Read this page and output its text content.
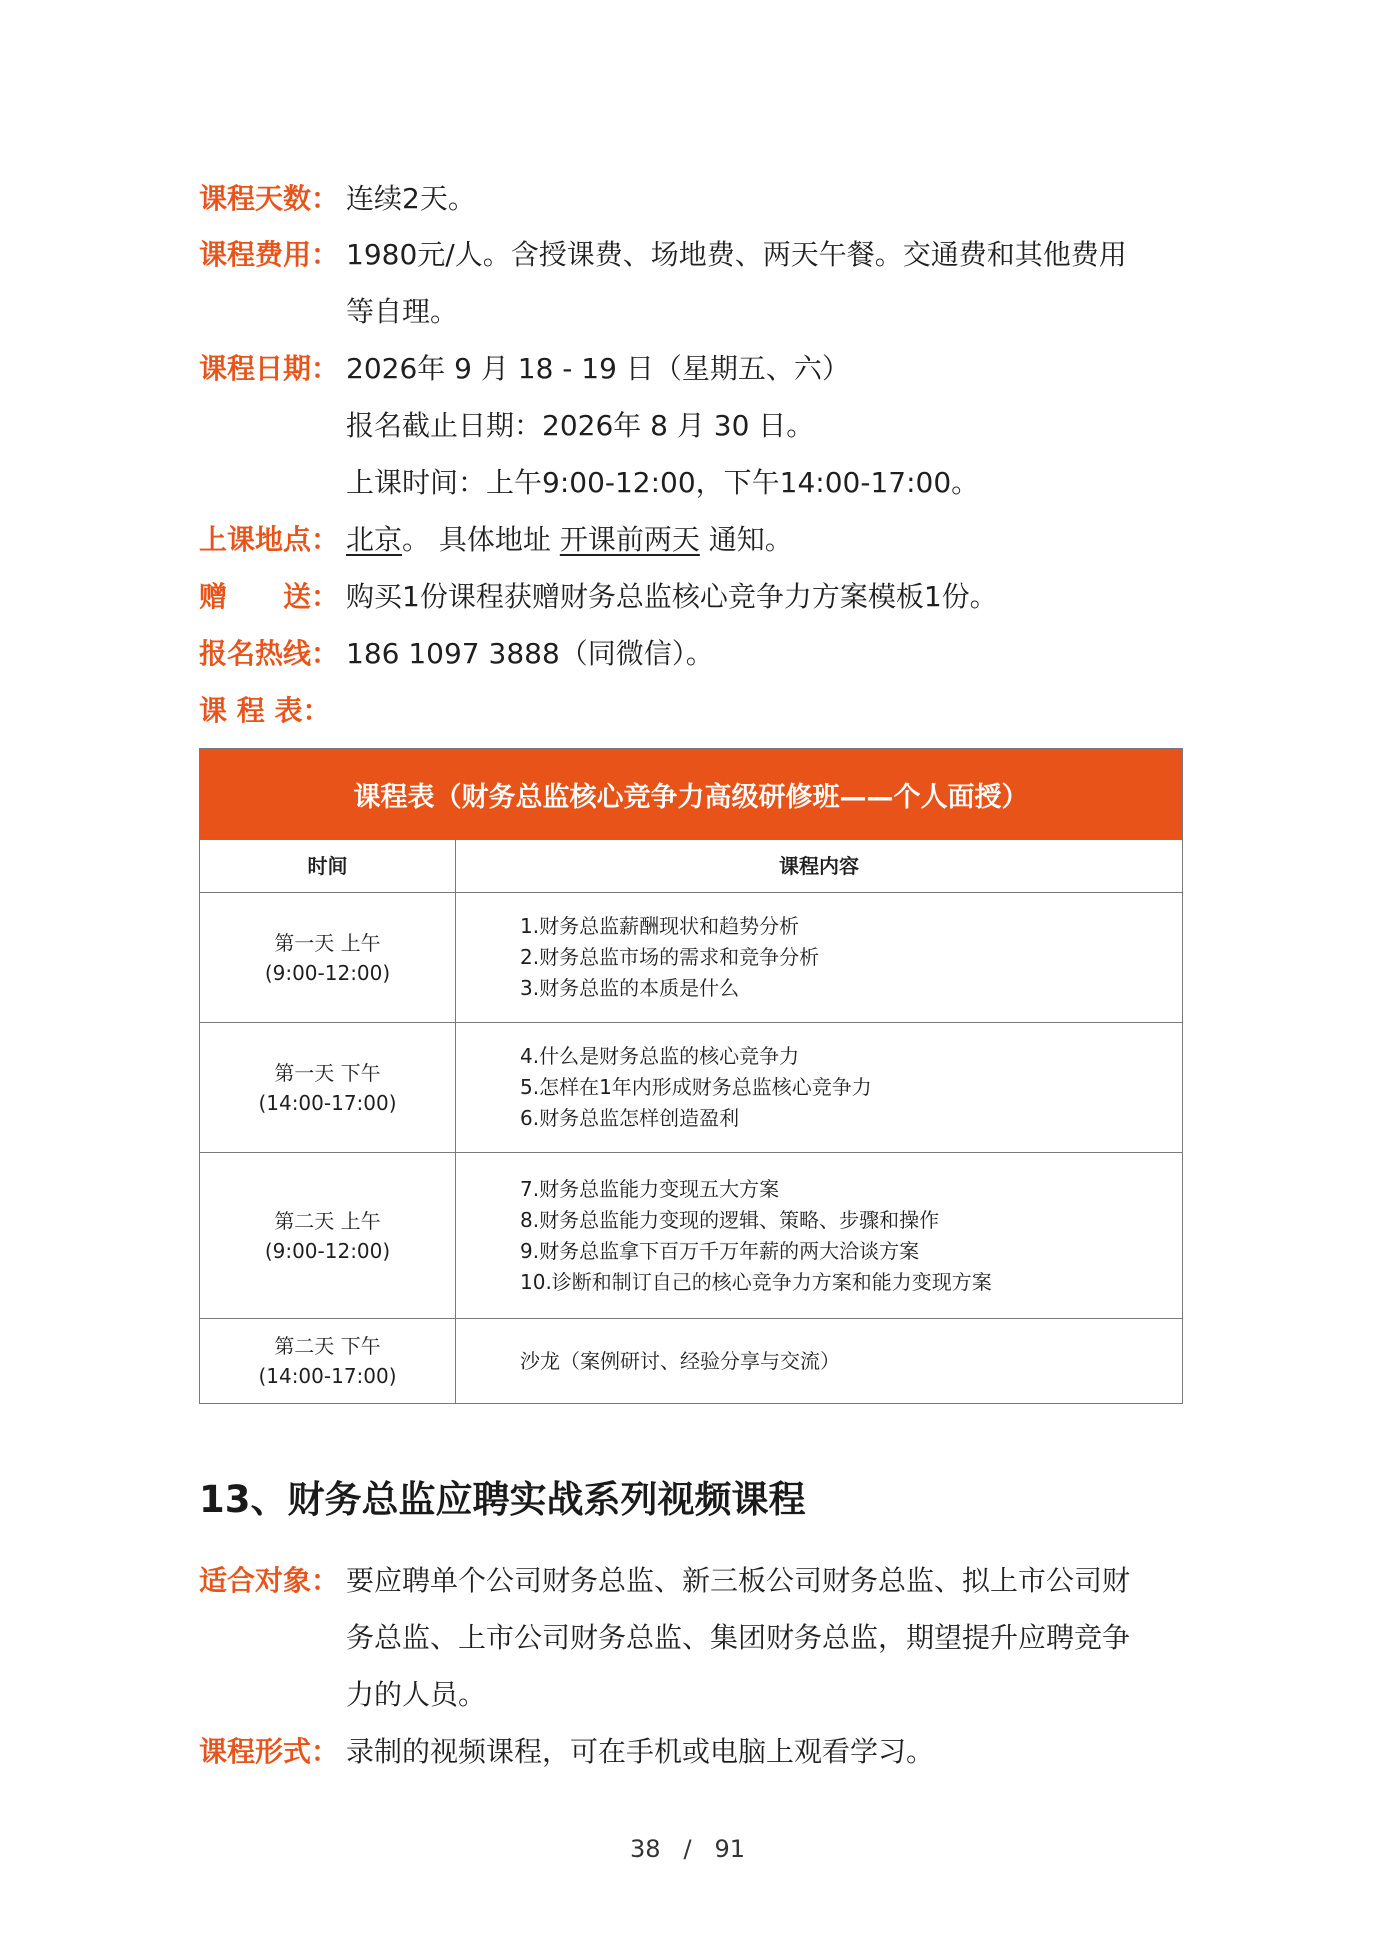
课程天数： 连续2天。
课程费用： 1980元/人。含授课费、场地费、两天午餐。交通费和其他费用
等自理。
课程日期： 2026年 9 月 18 - 19 日（星期五、六）
报名截止日期：2026年 8 月 30 日。
上课时间：上午9:00-12:00，下午14:00-17:00。
上课地点： 北京。 具体地址 开课前两天 通知。
赠　　送： 购买1份课程获赠财务总监核心竞争力方案模板1份。
报名热线： 186 1097 3888（同微信）。
课 程 表：
课程表（财务总监核心竞争力高级研修班——个人面授）
时间	课程内容
第一天 上午
(9:00-12:00)
1.财务总监薪酬现状和趋势分析
2.财务总监市场的需求和竞争分析
3.财务总监的本质是什么
第一天 下午
(14:00-17:00)
4.什么是财务总监的核心竞争力
5.怎样在1年内形成财务总监核心竞争力
6.财务总监怎样创造盈利
第二天 上午
(9:00-12:00)
7.财务总监能力变现五大方案
8.财务总监能力变现的逻辑、策略、步骤和操作
9.财务总监拿下百万千万年薪的两大洽谈方案
10.诊断和制订自己的核心竞争力方案和能力变现方案
第二天 下午
(14:00-17:00)
沙龙（案例研讨、经验分享与交流）
13、财务总监应聘实战系列视频课程
适合对象： 要应聘单个公司财务总监、新三板公司财务总监、拟上市公司财
务总监、上市公司财务总监、集团财务总监，期望提升应聘竞争
力的人员。
课程形式： 录制的视频课程，可在手机或电脑上观看学习。
38 / 91
